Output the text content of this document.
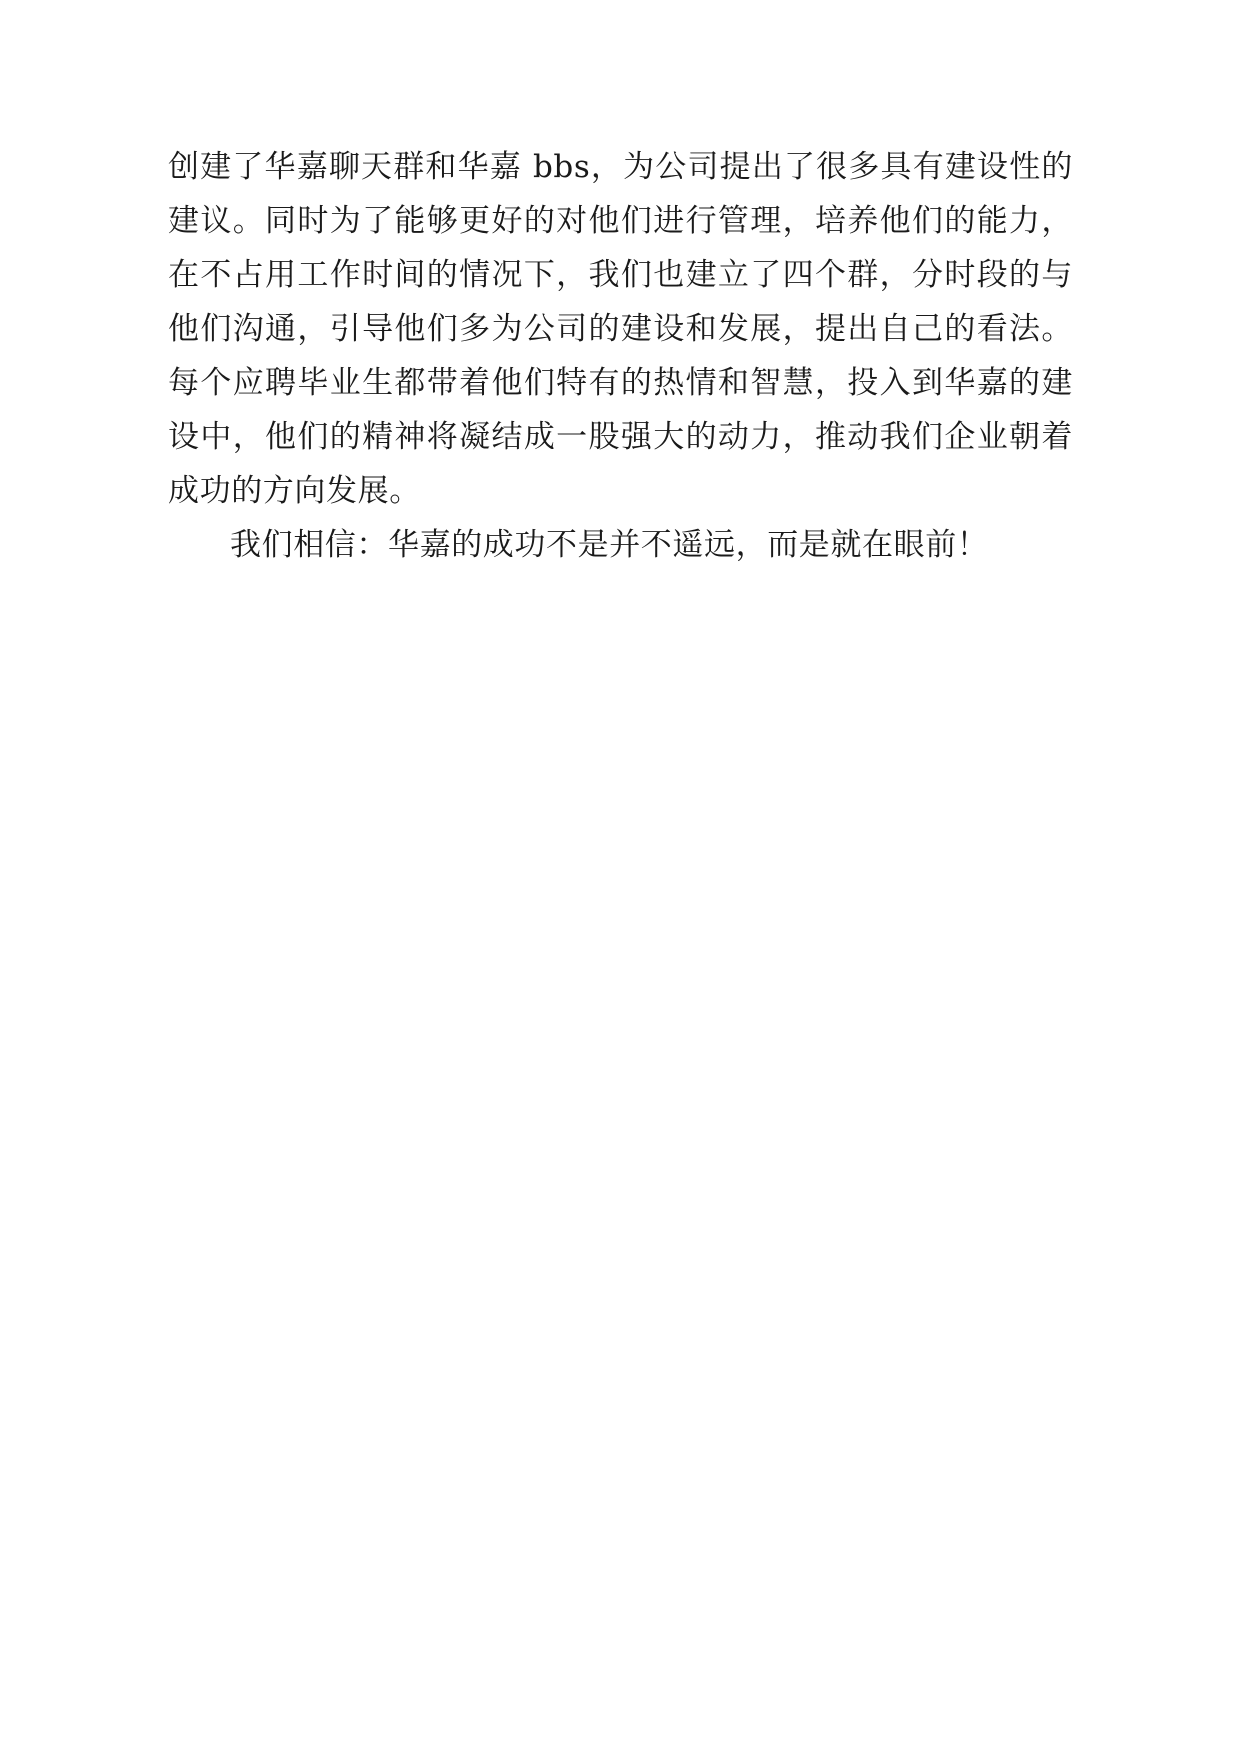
创建了华嘉聊天群和华嘉 bbs，为公司提出了很多具有建设性的建议。同时为了能够更好的对他们进行管理，培养他们的能力，在不占用工作时间的情况下，我们也建立了四个群，分时段的与他们沟通，引导他们多为公司的建设和发展，提出自己的看法。每个应聘毕业生都带着他们特有的热情和智慧，投入到华嘉的建设中，他们的精神将凝结成一股强大的动力，推动我们企业朝着成功的方向发展。

我们相信：华嘉的成功不是并不遥远，而是就在眼前！
